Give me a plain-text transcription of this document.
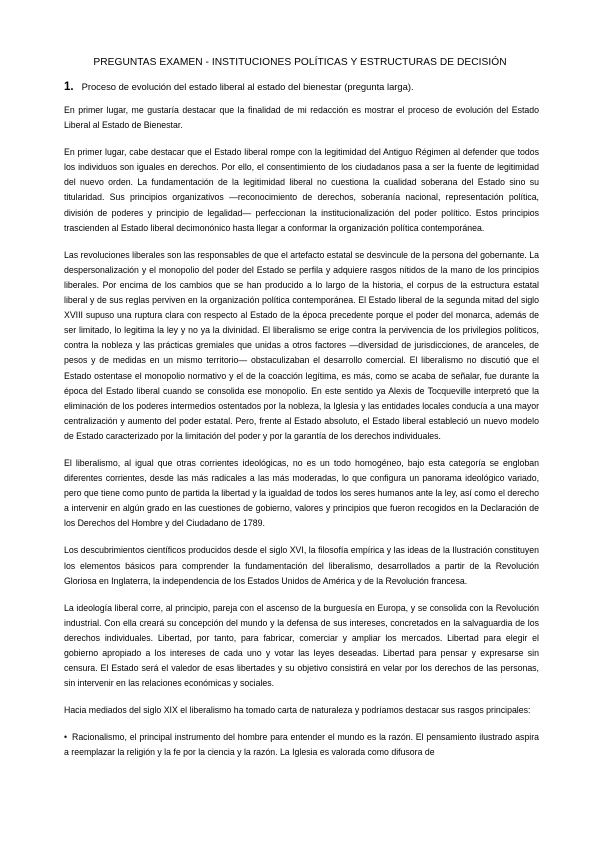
PREGUNTAS EXAMEN - INSTITUCIONES POLÍTICAS Y ESTRUCTURAS DE DECISIÓN
1. Proceso de evolución del estado liberal al estado del bienestar (pregunta larga).

En primer lugar, me gustaría destacar que la finalidad de mi redacción es mostrar el proceso de evolución del Estado Liberal al Estado de Bienestar.

En primer lugar, cabe destacar que el Estado liberal rompe con la legitimidad del Antiguo Régimen al defender que todos los individuos son iguales en derechos. Por ello, el consentimiento de los ciudadanos pasa a ser la fuente de legitimidad del nuevo orden. La fundamentación de la legitimidad liberal no cuestiona la cualidad soberana del Estado sino su titularidad. Sus principios organizativos —reconocimiento de derechos, soberanía nacional, representación política, división de poderes y principio de legalidad— perfeccionan la institucionalización del poder político. Estos principios trascienden al Estado liberal decimonónico hasta llegar a conformar la organización política contemporánea.

Las revoluciones liberales son las responsables de que el artefacto estatal se desvincule de la persona del gobernante. La despersonalización y el monopolio del poder del Estado se perfila y adquiere rasgos nítidos de la mano de los principios liberales. Por encima de los cambios que se han producido a lo largo de la historia, el corpus de la estructura estatal liberal y de sus reglas perviven en la organización política contemporánea. El Estado liberal de la segunda mitad del siglo XVIII supuso una ruptura clara con respecto al Estado de la época precedente porque el poder del monarca, además de ser limitado, lo legitima la ley y no ya la divinidad. El liberalismo se erige contra la pervivencia de los privilegios políticos, contra la nobleza y las prácticas gremiales que unidas a otros factores —diversidad de jurisdicciones, de aranceles, de pesos y de medidas en un mismo territorio— obstaculizaban el desarrollo comercial. El liberalismo no discutió que el Estado ostentase el monopolio normativo y el de la coacción legítima, es más, como se acaba de señalar, fue durante la época del Estado liberal cuando se consolida ese monopolio. En este sentido ya Alexis de Tocqueville interpretó que la eliminación de los poderes intermedios ostentados por la nobleza, la Iglesia y las entidades locales conducía a una mayor centralización y aumento del poder estatal. Pero, frente al Estado absoluto, el Estado liberal estableció un nuevo modelo de Estado caracterizado por la limitación del poder y por la garantía de los derechos individuales.

El liberalismo, al igual que otras corrientes ideológicas, no es un todo homogéneo, bajo esta categoría se engloban diferentes corrientes, desde las más radicales a las más moderadas, lo que configura un panorama ideológico variado, pero que tiene como punto de partida la libertad y la igualdad de todos los seres humanos ante la ley, así como el derecho a intervenir en algún grado en las cuestiones de gobierno, valores y principios que fueron recogidos en la Declaración de los Derechos del Hombre y del Ciudadano de 1789.

Los descubrimientos científicos producidos desde el siglo XVI, la filosofía empírica y las ideas de la Ilustración constituyen los elementos básicos para comprender la fundamentación del liberalismo, desarrollados a partir de la Revolución Gloriosa en Inglaterra, la independencia de los Estados Unidos de América y de la Revolución francesa.

La ideología liberal corre, al principio, pareja con el ascenso de la burguesía en Europa, y se consolida con la Revolución industrial. Con ella creará su concepción del mundo y la defensa de sus intereses, concretados en la salvaguardia de los derechos individuales. Libertad, por tanto, para fabricar, comerciar y ampliar los mercados. Libertad para elegir el gobierno apropiado a los intereses de cada uno y votar las leyes deseadas. Libertad para pensar y expresarse sin censura. El Estado será el valedor de esas libertades y su objetivo consistirá en velar por los derechos de las personas, sin intervenir en las relaciones económicas y sociales.

Hacia mediados del siglo XIX el liberalismo ha tomado carta de naturaleza y podríamos destacar sus rasgos principales:

• Racionalismo, el principal instrumento del hombre para entender el mundo es la razón. El pensamiento ilustrado aspira a reemplazar la religión y la fe por la ciencia y la razón. La Iglesia es valorada como difusora de
